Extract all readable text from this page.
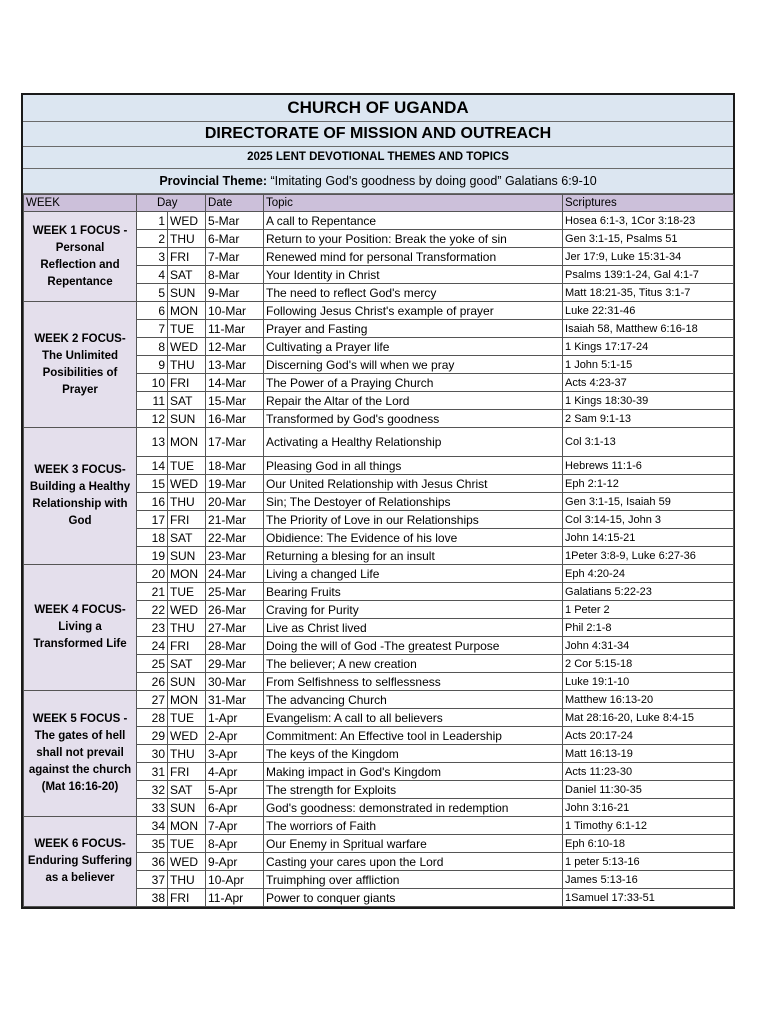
CHURCH OF UGANDA
DIRECTORATE OF MISSION AND OUTREACH
2025 LENT DEVOTIONAL THEMES AND TOPICS
Provincial Theme: “Imitating God's goodness by doing good” Galatians 6:9-10
WEEK	Day		Date	Topic	Scriptures
WEEK 1 FOCUS - Personal Reflection and Repentance	1	WED	5-Mar	A call to Repentance	Hosea 6:1-3, 1Cor 3:18-23
	2	THU	6-Mar	Return to your Position: Break the yoke of sin	Gen 3:1-15, Psalms 51
	3	FRI	7-Mar	Renewed mind for personal Transformation	Jer 17:9, Luke 15:31-34
	4	SAT	8-Mar	Your Identity in Christ	Psalms 139:1-24, Gal 4:1-7
	5	SUN	9-Mar	The need to reflect God's mercy	Matt 18:21-35, Titus 3:1-7
WEEK 2 FOCUS- The Unlimited Posibilities of Prayer	6	MON	10-Mar	Following Jesus Christ's example of prayer	Luke 22:31-46
	7	TUE	11-Mar	Prayer and Fasting	Isaiah 58, Matthew 6:16-18
	8	WED	12-Mar	Cultivating a Prayer life	1 Kings 17:17-24
	9	THU	13-Mar	Discerning God's will when we pray	1 John 5:1-15
	10	FRI	14-Mar	The Power of a Praying Church	Acts 4:23-37
	11	SAT	15-Mar	Repair the Altar of the Lord	1 Kings 18:30-39
	12	SUN	16-Mar	Transformed by God's goodness	2 Sam 9:1-13
WEEK 3 FOCUS- Building a Healthy Relationship with God	13	MON	17-Mar	Activating a Healthy Relationship	Col 3:1-13
	14	TUE	18-Mar	Pleasing God in all things	Hebrews 11:1-6
	15	WED	19-Mar	Our United Relationship with Jesus Christ	Eph 2:1-12
	16	THU	20-Mar	Sin; The Destoyer of Relationships	Gen 3:1-15, Isaiah 59
	17	FRI	21-Mar	The Priority of Love in our Relationships	Col 3:14-15, John 3
	18	SAT	22-Mar	Obidience: The Evidence of his love	John 14:15-21
	19	SUN	23-Mar	Returning a blesing for an insult	1Peter 3:8-9, Luke 6:27-36
WEEK 4 FOCUS- Living a Transformed Life	20	MON	24-Mar	Living a changed Life	Eph 4:20-24
	21	TUE	25-Mar	Bearing Fruits	Galatians 5:22-23
	22	WED	26-Mar	Craving for Purity	1 Peter 2
	23	THU	27-Mar	Live as Christ lived	Phil 2:1-8
	24	FRI	28-Mar	Doing the will of God -The greatest Purpose	John 4:31-34
	25	SAT	29-Mar	The believer; A new creation	2 Cor 5:15-18
	26	SUN	30-Mar	From Selfishness to selflessness	Luke 19:1-10
WEEK 5 FOCUS - The gates of hell shall not prevail against the church (Mat 16:16-20)	27	MON	31-Mar	The advancing Church	Matthew 16:13-20
	28	TUE	1-Apr	Evangelism: A call to all believers	Mat 28:16-20, Luke 8:4-15
	29	WED	2-Apr	Commitment: An Effective tool in Leadership	Acts 20:17-24
	30	THU	3-Apr	The keys of the Kingdom	Matt 16:13-19
	31	FRI	4-Apr	Making impact in God's Kingdom	Acts 11:23-30
	32	SAT	5-Apr	The strength for Exploits	Daniel 11:30-35
	33	SUN	6-Apr	God's goodness: demonstrated in redemption	John 3:16-21
WEEK 6 FOCUS- Enduring Suffering as a believer	34	MON	7-Apr	The worriors of Faith	1 Timothy 6:1-12
	35	TUE	8-Apr	Our Enemy in Spritual warfare	Eph 6:10-18
	36	WED	9-Apr	Casting your cares upon the Lord	1 peter 5:13-16
	37	THU	10-Apr	Truimphing over affliction	James 5:13-16
	38	FRI	11-Apr	Power to conquer giants	1Samuel 17:33-51
